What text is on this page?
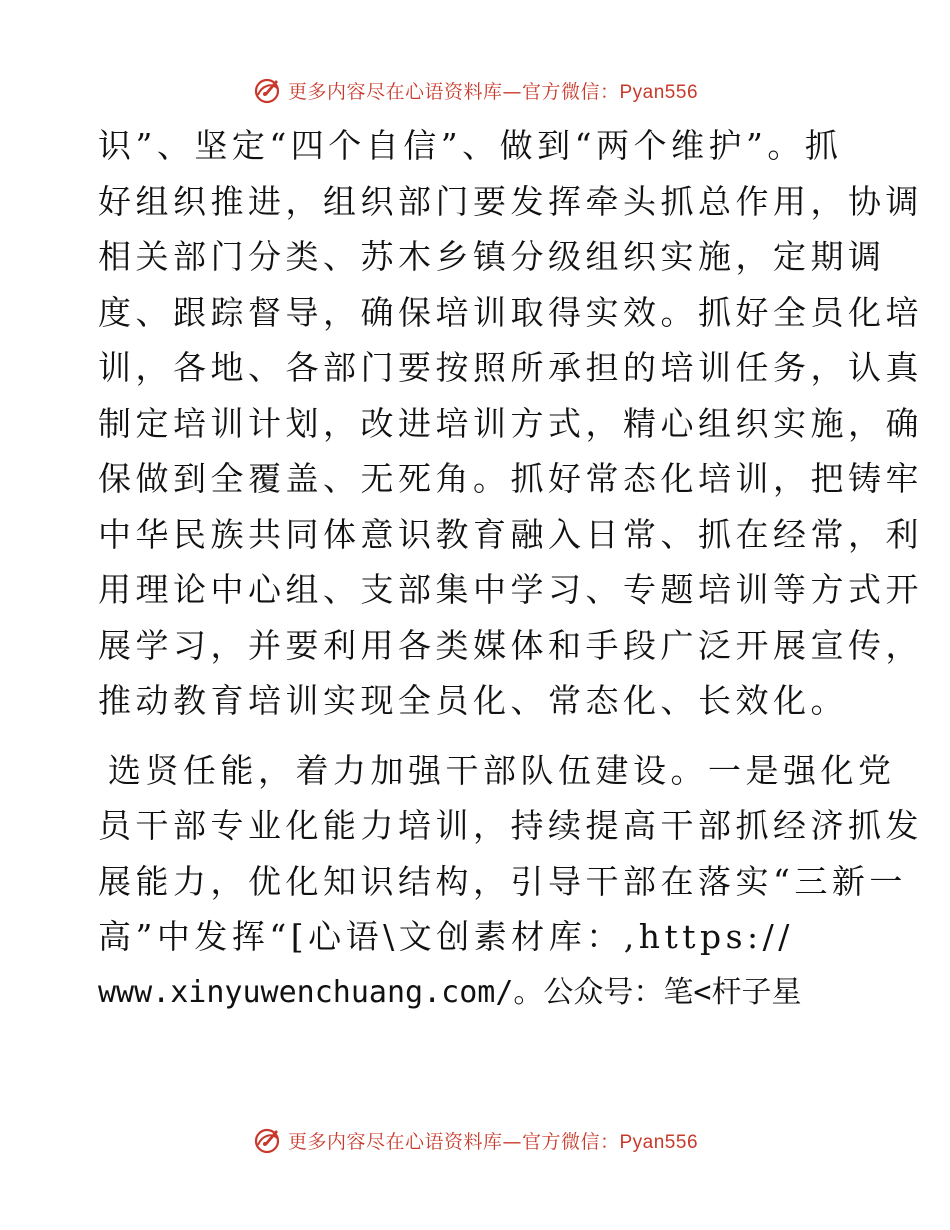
更多内容尽在心语资料库—官方微信：Pyan556
识”、坚定“四个自信”、做到“两个维护”。抓
好组织推进，组织部门要发挥牵头抓总作用，协调
相关部门分类、苏木乡镇分级组织实施，定期调
度、跟踪督导，确保培训取得实效。抓好全员化培
训，各地、各部门要按照所承担的培训任务，认真
制定培训计划，改进培训方式，精心组织实施，确
保做到全覆盖、无死角。抓好常态化培训，把铸牢
中华民族共同体意识教育融入日常、抓在经常，利
用理论中心组、支部集中学习、专题培训等方式开
展学习，并要利用各类媒体和手段广泛开展宣传，
推动教育培训实现全员化、常态化、长效化。
选贤任能，着力加强干部队伍建设。一是强化党
员干部专业化能力培训，持续提高干部抓经济抓发
展能力，优化知识结构，引导干部在落实“三新一
高”中发挥“[心语\文创素材库：,https://
www.xinyuwenchuang.com/。公众号：笔<杆子星
更多内容尽在心语资料库—官方微信：Pyan556
